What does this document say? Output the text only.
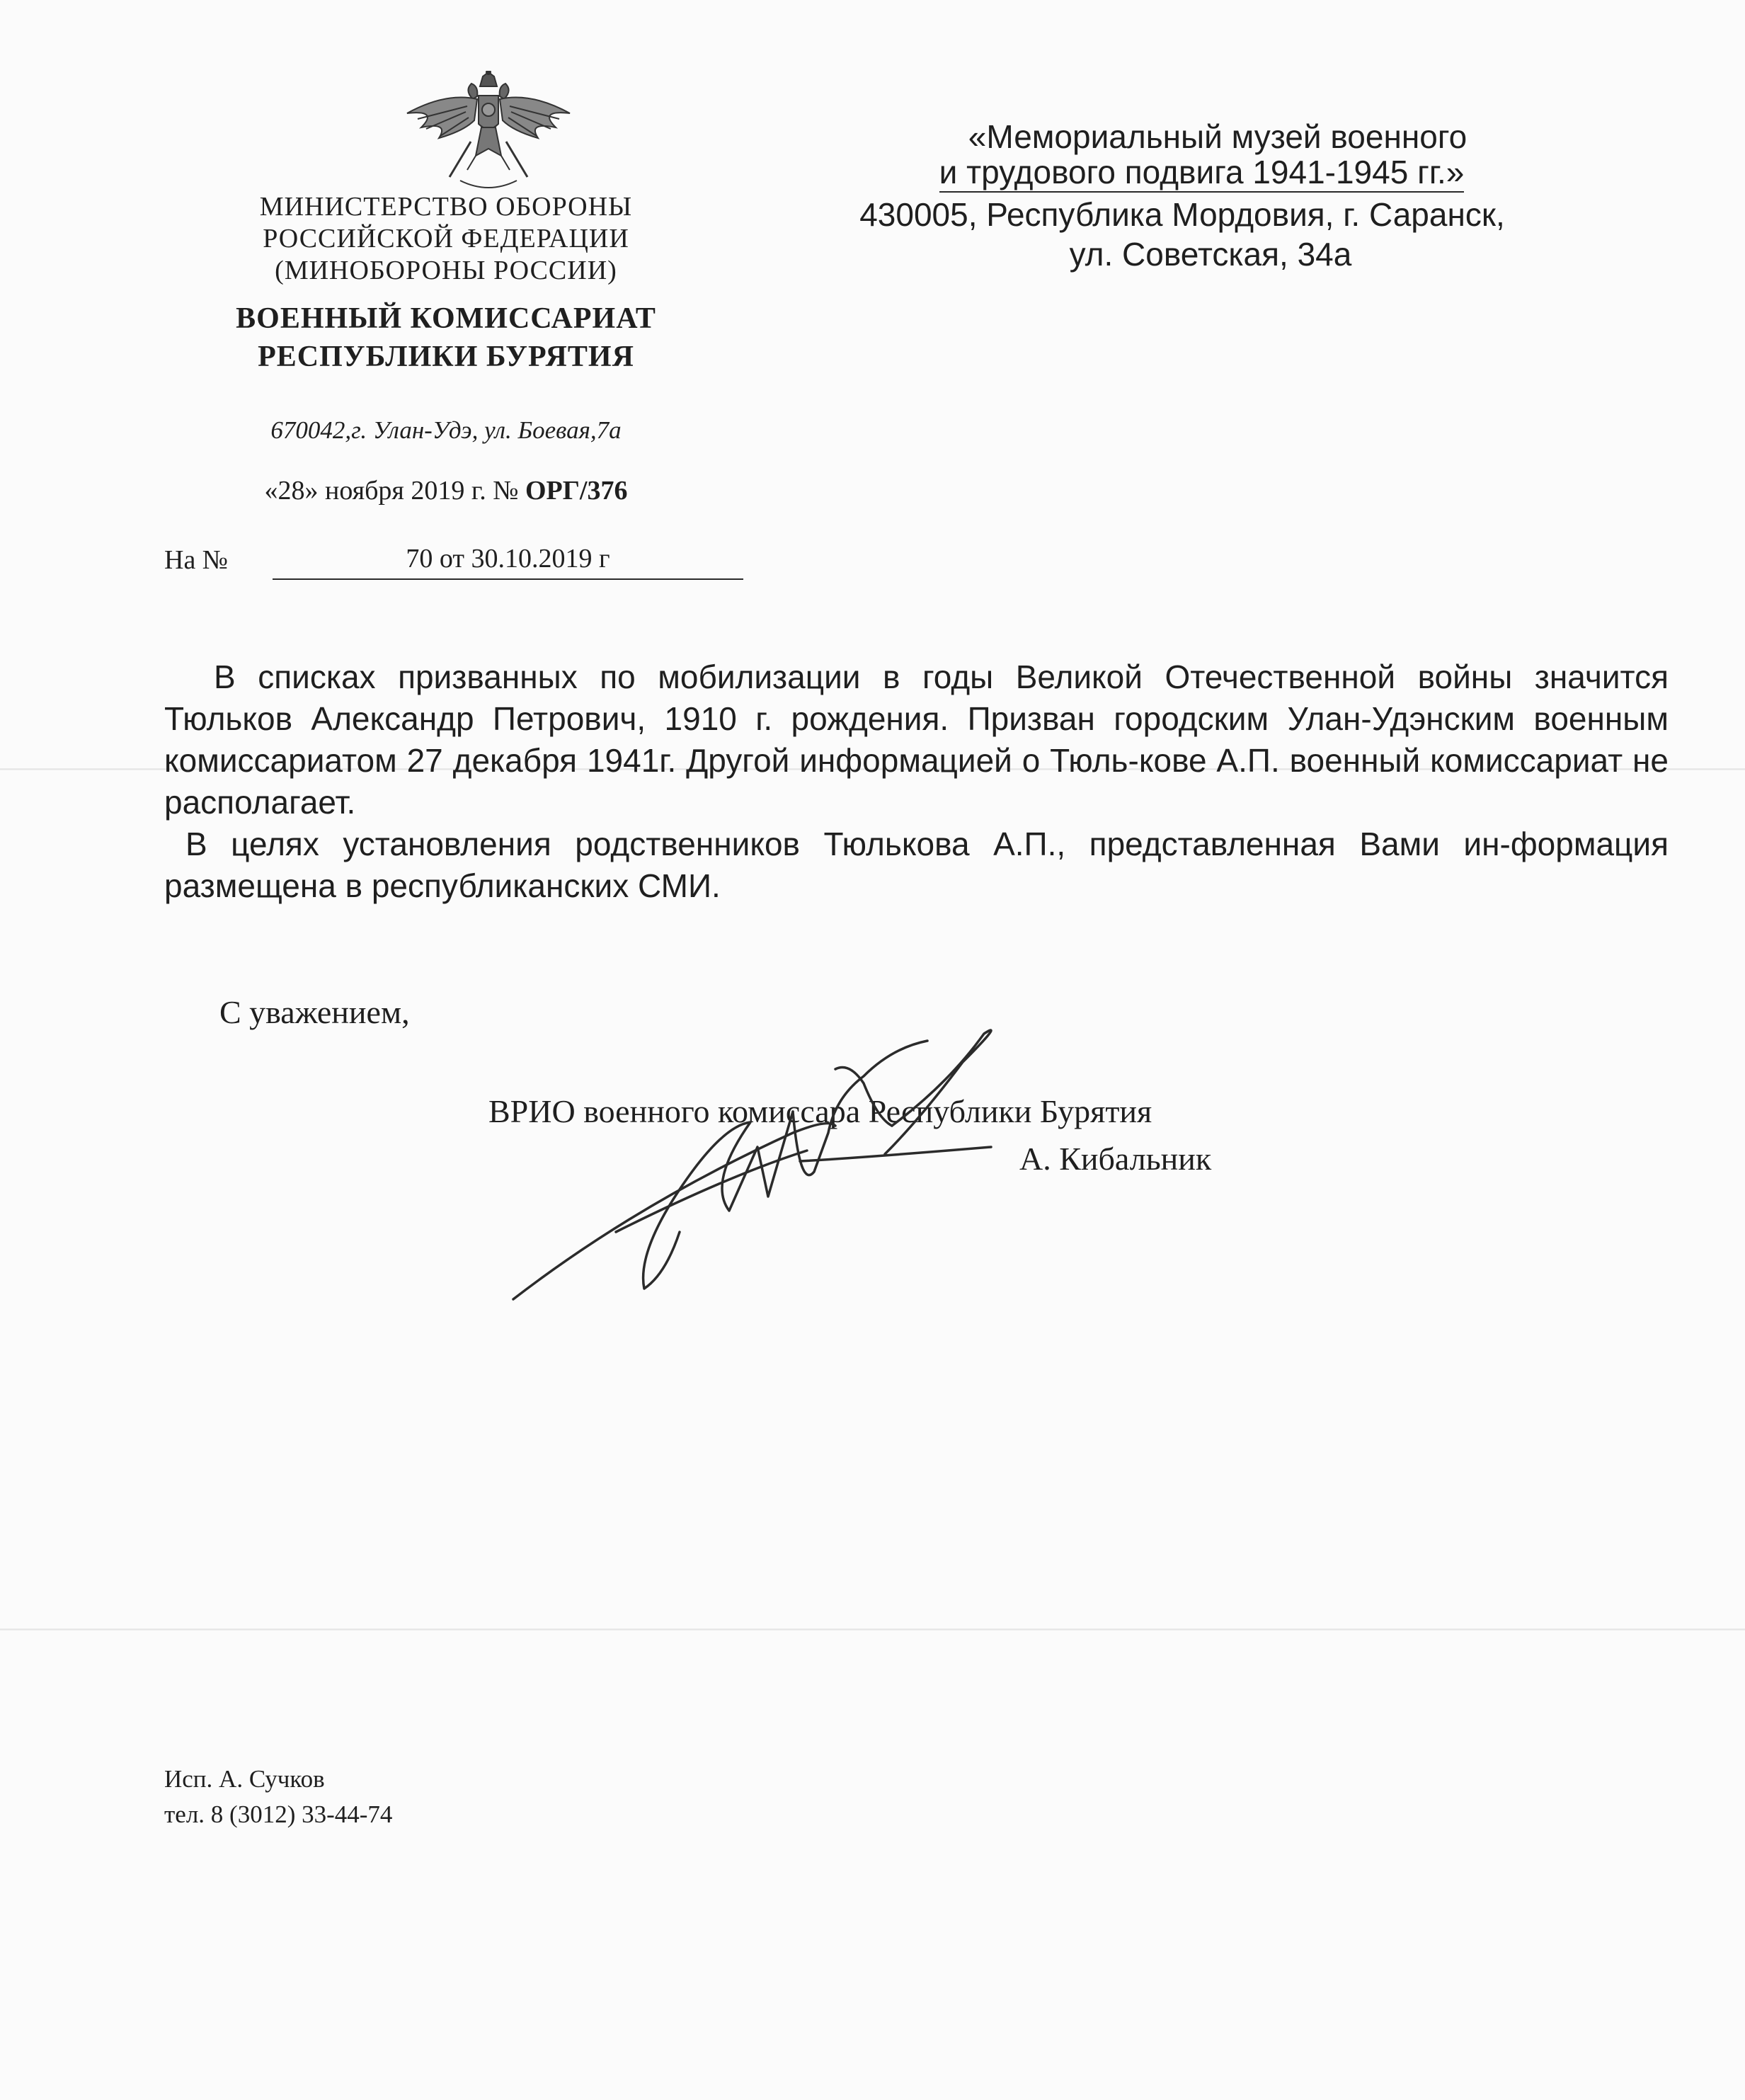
МИНИСТЕРСТВО ОБОРОНЫ
РОССИЙСКОЙ ФЕДЕРАЦИИ
(МИНОБОРОНЫ РОССИИ)
ВОЕННЫЙ КОМИССАРИАТ
РЕСПУБЛИКИ БУРЯТИЯ
670042,г. Улан-Удэ, ул. Боевая,7а
«28» ноября 2019 г. № ОРГ/376
На №	70 от 30.10.2019 г
«Мемориальный музей военного
и трудового подвига 1941-1945 гг.»
430005, Республика Мордовия, г. Саранск,
ул. Советская, 34а

В списках призванных по мобилизации в годы Великой Отечественной войны значится Тюльков Александр Петрович, 1910 г. рождения. Призван городским Улан-Удэнским военным комиссариатом 27 декабря 1941г. Другой информацией о Тюль-кове А.П. военный комиссариат не располагает.

В целях установления родственников Тюлькова А.П., представленная Вами ин-формация размещена в республиканских СМИ.

С уважением,
ВРИО военного комиссара Республики Бурятия
А. Кибальник
Исп. А. Сучков
тел. 8 (3012) 33-44-74
